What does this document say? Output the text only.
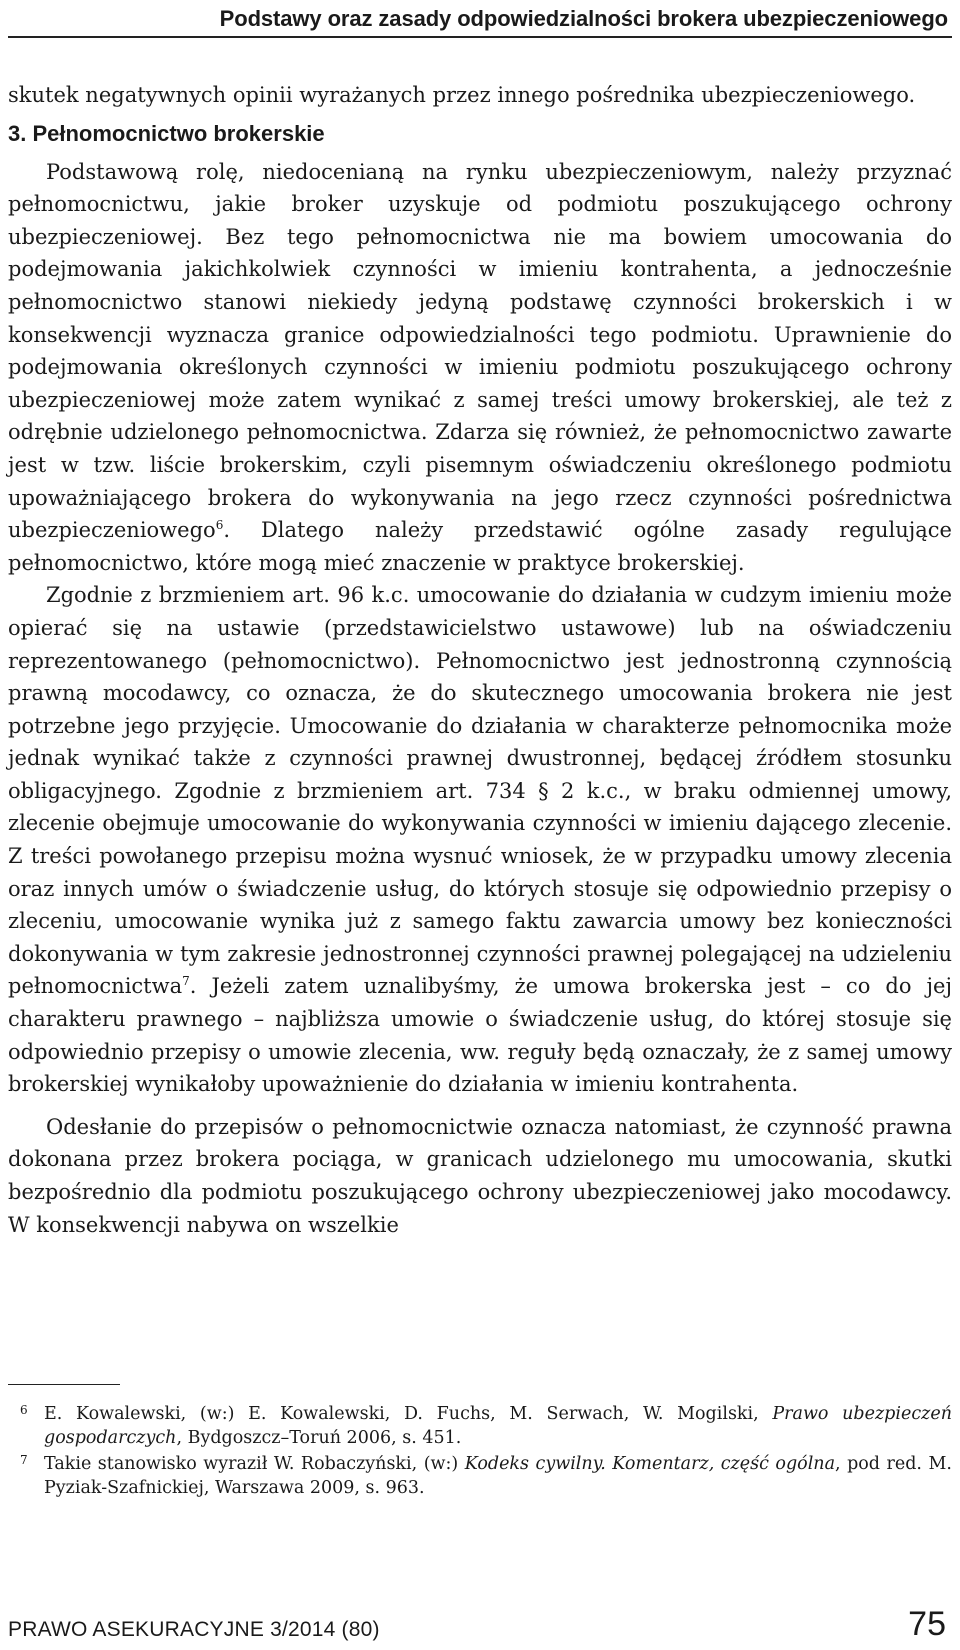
Podstawy oraz zasady odpowiedzialności brokera ubezpieczeniowego

skutek negatywnych opinii wyrażanych przez innego pośrednika ubezpieczeniowego.

3. Pełnomocnictwo brokerskie

Podstawową rolę, niedocenianą na rynku ubezpieczeniowym, należy przyznać pełnomocnictwu, jakie broker uzyskuje od podmiotu poszukującego ochrony ubezpieczeniowej. Bez tego pełnomocnictwa nie ma bowiem umocowania do podejmowania jakichkolwiek czynności w imieniu kontrahenta, a jednocześnie pełnomocnictwo stanowi niekiedy jedyną podstawę czynności brokerskich i w konsekwencji wyznacza granice odpowiedzialności tego podmiotu. Uprawnienie do podejmowania określonych czynności w imieniu podmiotu poszukującego ochrony ubezpieczeniowej może zatem wynikać z samej treści umowy brokerskiej, ale też z odrębnie udzielonego pełnomocnictwa. Zdarza się również, że pełnomocnictwo zawarte jest w tzw. liście brokerskim, czyli pisemnym oświadczeniu określonego podmiotu upoważniającego brokera do wykonywania na jego rzecz czynności pośrednictwa ubezpieczeniowego$^6$. Dlatego należy przedstawić ogólne zasady regulujące pełnomocnictwo, które mogą mieć znaczenie w praktyce brokerskiej.

Zgodnie z brzmieniem art. 96 k.c. umocowanie do działania w cudzym imieniu może opierać się na ustawie (przedstawicielstwo ustawowe) lub na oświadczeniu reprezentowanego (pełnomocnictwo). Pełnomocnictwo jest jednostronną czynnością prawną mocodawcy, co oznacza, że do skutecznego umocowania brokera nie jest potrzebne jego przyjęcie. Umocowanie do działania w charakterze pełnomocnika może jednak wynikać także z czynności prawnej dwustronnej, będącej źródłem stosunku obligacyjnego. Zgodnie z brzmieniem art. 734 § 2 k.c., w braku odmiennej umowy, zlecenie obejmuje umocowanie do wykonywania czynności w imieniu dającego zlecenie. Z treści powołanego przepisu można wysnuć wniosek, że w przypadku umowy zlecenia oraz innych umów o świadczenie usług, do których stosuje się odpowiednio przepisy o zleceniu, umocowanie wynika już z samego faktu zawarcia umowy bez konieczności dokonywania w tym zakresie jednostronnej czynności prawnej polegającej na udzieleniu pełnomocnictwa$^7$. Jeżeli zatem uznalibyśmy, że umowa brokerska jest – co do jej charakteru prawnego – najbliższa umowie o świadczenie usług, do której stosuje się odpowiednio przepisy o umowie zlecenia, ww. reguły będą oznaczały, że z samej umowy brokerskiej wynikałoby upoważnienie do działania w imieniu kontrahenta.

Odesłanie do przepisów o pełnomocnictwie oznacza natomiast, że czynność prawna dokonana przez brokera pociąga, w granicach udzielonego mu umocowania, skutki bezpośrednio dla podmiotu poszukującego ochrony ubezpieczeniowej jako mocodawcy. W konsekwencji nabywa on wszelkie

6 E. Kowalewski, (w:) E. Kowalewski, D. Fuchs, M. Serwach, W. Mogilski, Prawo ubezpieczeń gospodarczych, Bydgoszcz–Toruń 2006, s. 451.

7 Takie stanowisko wyraził W. Robaczyński, (w:) Kodeks cywilny. Komentarz, część ogólna, pod red. M. Pyziak-Szafnickiej, Warszawa 2009, s. 963.

PRAWO ASEKURACYJNE 3/2014 (80)	75
